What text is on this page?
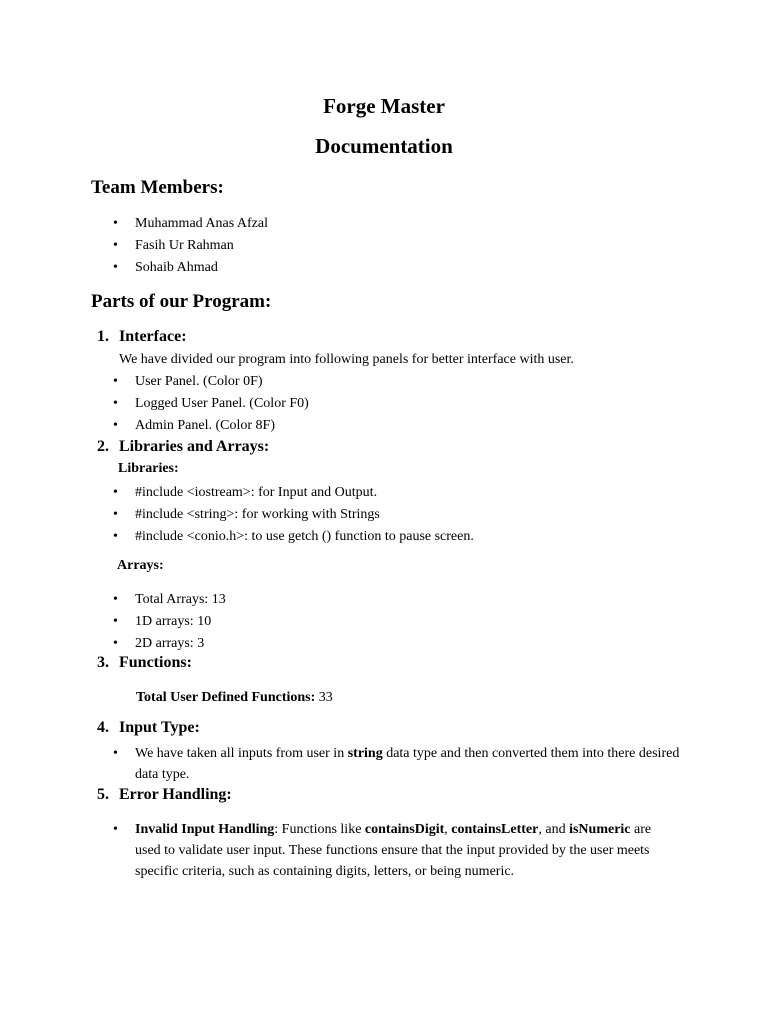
Forge Master
Documentation
Team Members:
• Muhammad Anas Afzal
• Fasih Ur Rahman
• Sohaib Ahmad
Parts of our Program:
1. Interface:
We have divided our program into following panels for better interface with user.
• User Panel. (Color 0F)
• Logged User Panel. (Color F0)
• Admin Panel. (Color 8F)
2. Libraries and Arrays:
Libraries:
• #include <iostream>: for Input and Output.
• #include <string>: for working with Strings
• #include <conio.h>: to use getch () function to pause screen.
Arrays:
• Total Arrays: 13
• 1D arrays: 10
• 2D arrays: 3
3. Functions:
Total User Defined Functions: 33
4. Input Type:
• We have taken all inputs from user in string data type and then converted them into there desired data type.
5. Error Handling:
• Invalid Input Handling: Functions like containsDigit, containsLetter, and isNumeric are used to validate user input. These functions ensure that the input provided by the user meets specific criteria, such as containing digits, letters, or being numeric.
